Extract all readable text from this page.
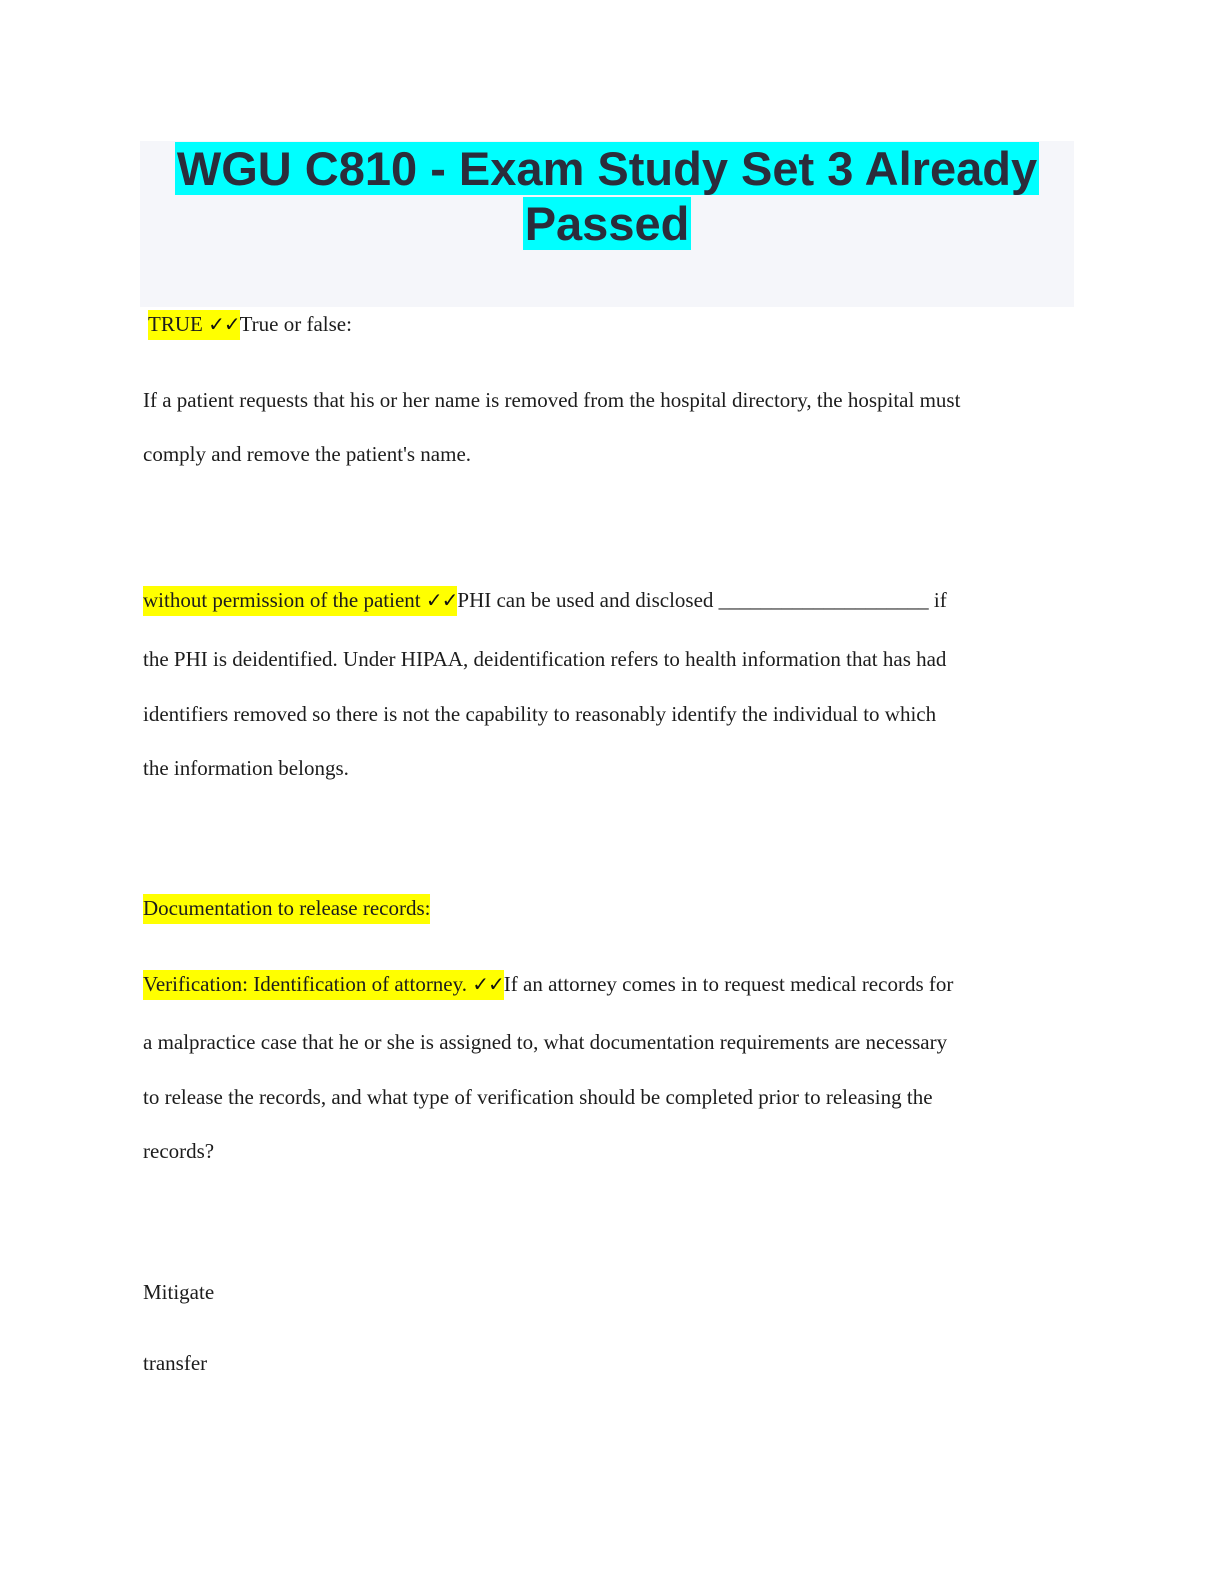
WGU C810 - Exam Study Set 3 Already
Passed
TRUE ✓✓True or false:
If a patient requests that his or her name is removed from the hospital directory, the hospital must
comply and remove the patient's name.
without permission of the patient ✓✓PHI can be used and disclosed ____________________ if
the PHI is deidentified. Under HIPAA, deidentification refers to health information that has had
identifiers removed so there is not the capability to reasonably identify the individual to which
the information belongs.
Documentation to release records:
Verification: Identification of attorney. ✓✓If an attorney comes in to request medical records for
a malpractice case that he or she is assigned to, what documentation requirements are necessary
to release the records, and what type of verification should be completed prior to releasing the
records?
Mitigate
transfer
